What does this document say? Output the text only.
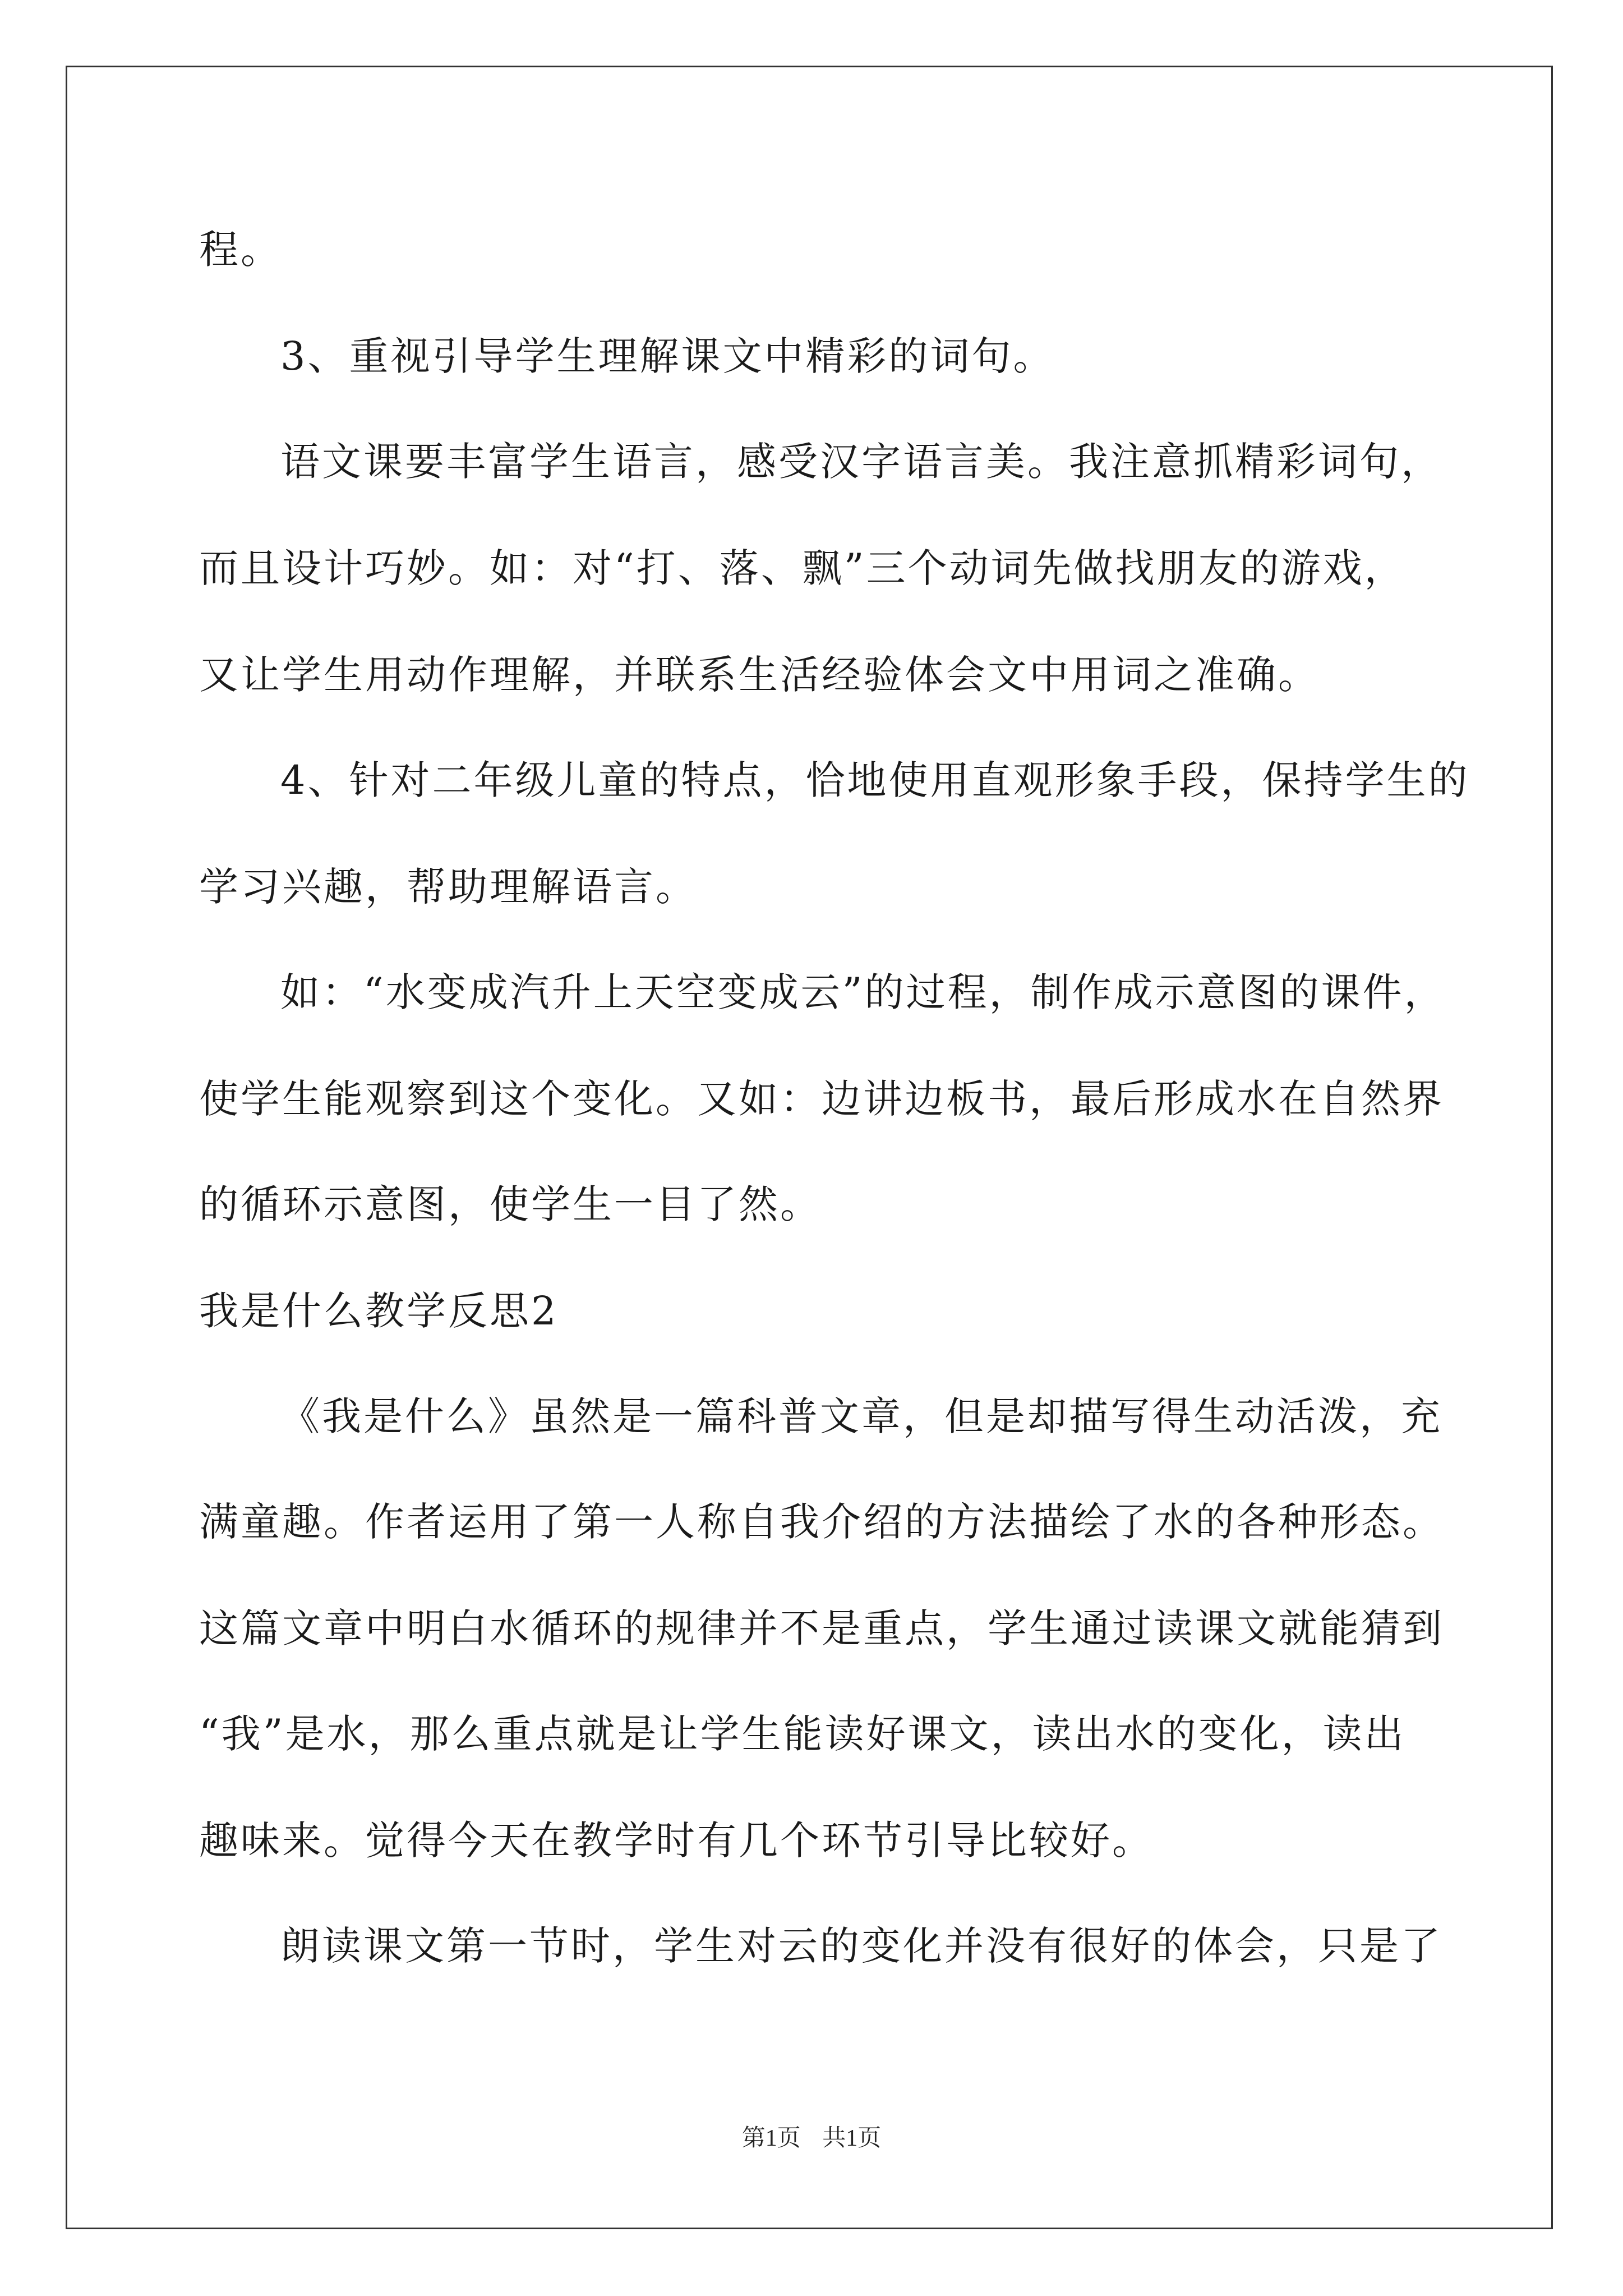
程。
3、重视引导学生理解课文中精彩的词句。
语文课要丰富学生语言，感受汉字语言美。我注意抓精彩词句，
而且设计巧妙。如：对“打、落、飘”三个动词先做找朋友的游戏，
又让学生用动作理解，并联系生活经验体会文中用词之准确。
4、针对二年级儿童的特点，恰地使用直观形象手段，保持学生的
学习兴趣，帮助理解语言。
如：“水变成汽升上天空变成云”的过程，制作成示意图的课件，
使学生能观察到这个变化。又如：边讲边板书，最后形成水在自然界
的循环示意图，使学生一目了然。
我是什么教学反思2
《我是什么》虽然是一篇科普文章，但是却描写得生动活泼，充
满童趣。作者运用了第一人称自我介绍的方法描绘了水的各种形态。
这篇文章中明白水循环的规律并不是重点，学生通过读课文就能猜到
“我”是水，那么重点就是让学生能读好课文，读出水的变化，读出
趣味来。觉得今天在教学时有几个环节引导比较好。
朗读课文第一节时，学生对云的变化并没有很好的体会，只是了
第1页 共1页
